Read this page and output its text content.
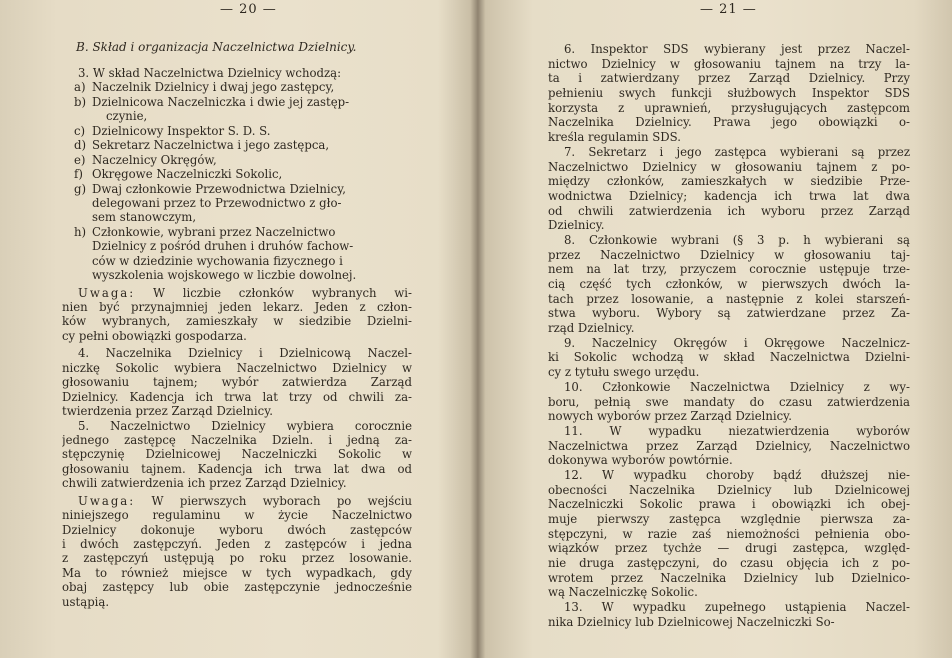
— 20 —
B. Skład i organizacja Naczelnictwa Dzielnicy.
3. W skład Naczelnictwa Dzielnicy wchodzą:
a) Naczelnik Dzielnicy i dwaj jego zastępcy,
b) Dzielnicowa Naczelniczka i dwie jej zastęp-
czynie,
c) Dzielnicowy Inspektor S. D. S.
d) Sekretarz Naczelnictwa i jego zastępca,
e) Naczelnicy Okręgów,
f) Okręgowe Naczelniczki Sokolic,
g) Dwaj członkowie Przewodnictwa Dzielnicy,
delegowani przez to Przewodnictwo z gło-
sem stanowczym,
h) Członkowie, wybrani przez Naczelnictwo
Dzielnicy z pośród druhen i druhów fachow-
ców w dziedzinie wychowania fizycznego i
wyszkolenia wojskowego w liczbie dowolnej.
Uwaga: W liczbie członków wybranych wi-
nien być przynajmniej jeden lekarz. Jeden z człon-
ków wybranych, zamieszkały w siedzibie Dzielni-
cy pełni obowiązki gospodarza.
4. Naczelnika Dzielnicy i Dzielnicową Naczel-
niczkę Sokolic wybiera Naczelnictwo Dzielnicy w
głosowaniu tajnem; wybór zatwierdza Zarząd
Dzielnicy. Kadencja ich trwa lat trzy od chwili za-
twierdzenia przez Zarząd Dzielnicy.
5. Naczelnictwo Dzielnicy wybiera corocznie
jednego zastępcę Naczelnika Dzieln. i jedną za-
stępczynię Dzielnicowej Naczelniczki Sokolic w
głosowaniu tajnem. Kadencja ich trwa lat dwa od
chwili zatwierdzenia ich przez Zarząd Dzielnicy.
Uwaga: W pierwszych wyborach po wejściu
niniejszego regulaminu w życie Naczelnictwo
Dzielnicy dokonuje wyboru dwóch zastępców
i dwóch zastępczyń. Jeden z zastępców i jedna
z zastępczyń ustępują po roku przez losowanie.
Ma to również miejsce w tych wypadkach, gdy
obaj zastępcy lub obie zastępczynie jednocześnie
ustąpią.
— 21 —
6. Inspektor SDS wybierany jest przez Naczel-
nictwo Dzielnicy w głosowaniu tajnem na trzy la-
ta i zatwierdzany przez Zarząd Dzielnicy. Przy
pełnieniu swych funkcji służbowych Inspektor SDS
korzysta z uprawnień, przysługujących zastępcom
Naczelnika Dzielnicy. Prawa jego obowiązki o-
kreśla regulamin SDS.
7. Sekretarz i jego zastępca wybierani są przez
Naczelnictwo Dzielnicy w głosowaniu tajnem z po-
między członków, zamieszkałych w siedzibie Prze-
wodnictwa Dzielnicy; kadencja ich trwa lat dwa
od chwili zatwierdzenia ich wyboru przez Zarząd
Dzielnicy.
8. Członkowie wybrani (§ 3 p. h wybierani są
przez Naczelnictwo Dzielnicy w głosowaniu taj-
nem na lat trzy, przyczem corocznie ustępuje trze-
cią część tych członków, w pierwszych dwóch la-
tach przez losowanie, a następnie z kolei starszeń-
stwa wyboru. Wybory są zatwierdzane przez Za-
rząd Dzielnicy.
9. Naczelnicy Okręgów i Okręgowe Naczelnicz-
ki Sokolic wchodzą w skład Naczelnictwa Dzielni-
cy z tytułu swego urzędu.
10. Członkowie Naczelnictwa Dzielnicy z wy-
boru, pełnią swe mandaty do czasu zatwierdzenia
nowych wyborów przez Zarząd Dzielnicy.
11. W wypadku niezatwierdzenia wyborów
Naczelnictwa przez Zarząd Dzielnicy, Naczelnictwo
dokonywa wyborów powtórnie.
12. W wypadku choroby bądź dłuższej nie-
obecności Naczelnika Dzielnicy lub Dzielnicowej
Naczelniczki Sokolic prawa i obowiązki ich obej-
muje pierwszy zastępca względnie pierwsza za-
stępczyni, w razie zaś niemożności pełnienia obo-
wiązków przez tychże — drugi zastępca, względ-
nie druga zastępczyni, do czasu objęcia ich z po-
wrotem przez Naczelnika Dzielnicy lub Dzielnico-
wą Naczelniczkę Sokolic.
13. W wypadku zupełnego ustąpienia Naczel-
nika Dzielnicy lub Dzielnicowej Naczelniczki So-
